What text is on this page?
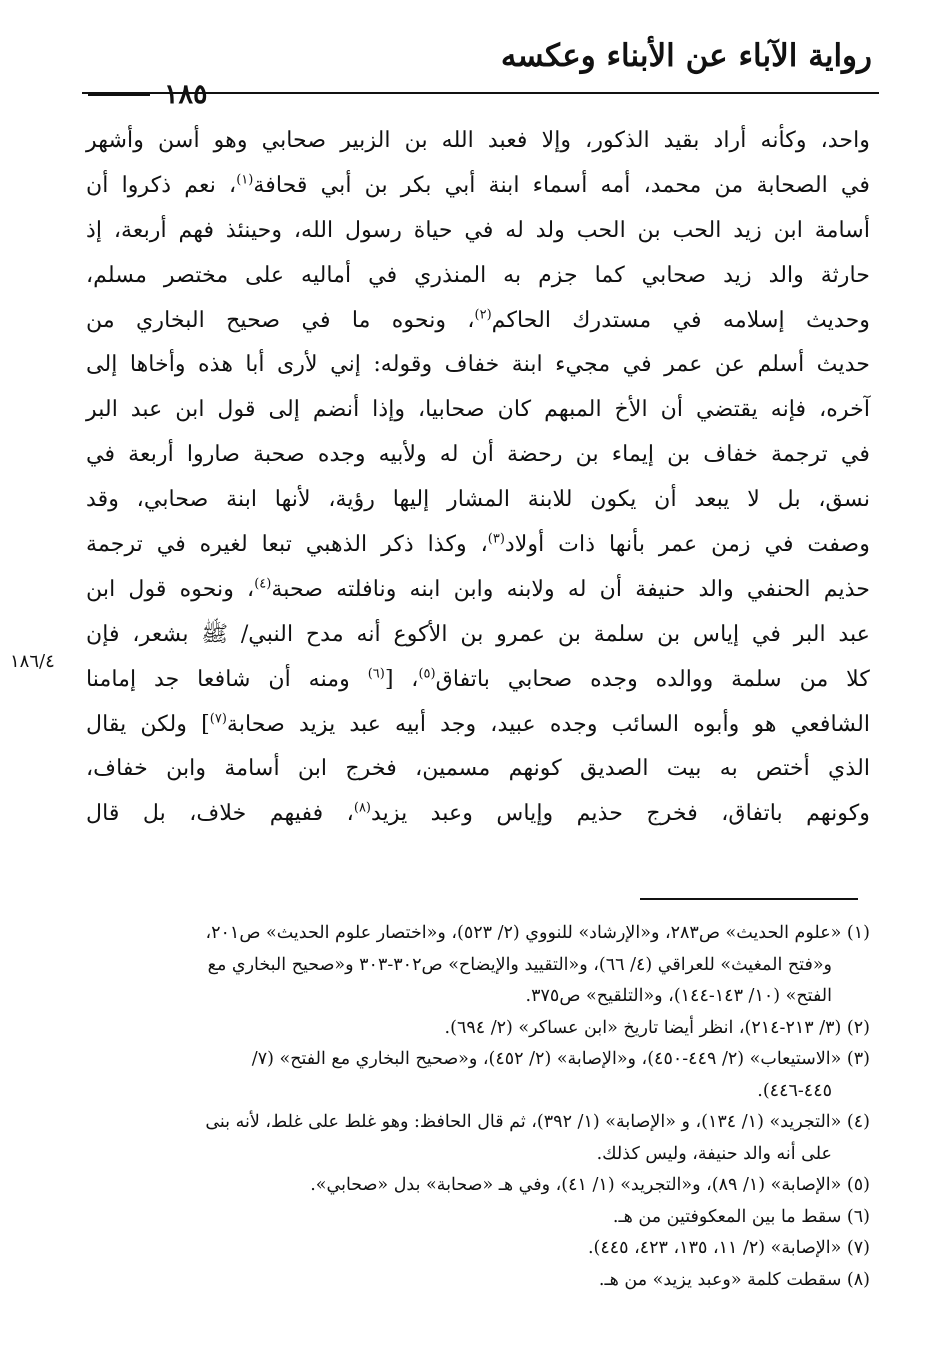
رواية الآباء عن الأبناء وعكسه
١٨٥
واحد، وكأنه أراد بقيد الذكور، وإلا فعبد الله بن الزبير صحابي وهو أسن وأشهر
في الصحابة من محمد، أمه أسماء ابنة أبي بكر بن أبي قحافة$^{(١)}$، نعم ذكروا أن
أسامة ابن زيد الحب بن الحب ولد له في حياة رسول الله، وحينئذ فهم أربعة، إذ
حارثة والد زيد صحابي كما جزم به المنذري في أماليه على مختصر مسلم،
وحديث إسلامه في مستدرك الحاكم$^{(٢)}$، ونحوه ما في صحيح البخاري من
حديث أسلم عن عمر في مجيء ابنة خفاف وقوله: إني لأرى أبا هذه وأخاها إلى
آخره، فإنه يقتضي أن الأخ المبهم كان صحابيا، وإذا أنضم إلى قول ابن عبد البر
في ترجمة خفاف بن إيماء بن رحضة أن له ولأبيه وجده صحبة صاروا أربعة في
نسق، بل لا يبعد أن يكون للابنة المشار إليها رؤية، لأنها ابنة صحابي، وقد
وصفت في زمن عمر بأنها ذات أولاد$^{(٣)}$، وكذا ذكر الذهبي تبعا لغيره في ترجمة
حذيم الحنفي والد حنيفة أن له ولابنه وابن ابنه ونافلته صحبة$^{(٤)}$، ونحوه قول ابن
عبد البر في إياس بن سلمة بن عمرو بن الأكوع أنه مدح النبي/ ﷺ بشعر، فإن
كلا من سلمة ووالده وجده صحابي باتفاق$^{(٥)}$، [$^{(٦)}$ ومنه أن شافعا جد إمامنا
الشافعي هو وأبوه السائب وجده عبيد، وجد أبيه عبد يزيد صحابة$^{(٧)}$] ولكن يقال
الذي أختص به بيت الصديق كونهم مسمين، فخرج ابن أسامة وابن خفاف،
وكونهم باتفاق، فخرج حذيم وإياس وعبد يزيد$^{(٨)}$، ففيهم خلاف، بل قال
١٨٦/٤
(١) «علوم الحديث» ص٢٨٣، و«الإرشاد» للنووي (٢/ ٥٢٣)، و«اختصار علوم الحديث» ص٢٠١،
و«فتح المغيث» للعراقي (٤/ ٦٦)، و«التقييد والإيضاح» ص٣٠٢-٣٠٣ و«صحيح البخاري مع
الفتح» (١٠/ ١٤٣-١٤٤)، و«التلقيح» ص٣٧٥.
(٢) (٣/ ٢١٣-٢١٤)، انظر أيضا تاريخ «ابن عساكر» (٢/ ٦٩٤).
(٣) «الاستيعاب» (٢/ ٤٤٩-٤٥٠)، و«الإصابة» (٢/ ٤٥٢)، و«صحيح البخاري مع الفتح» (٧/
٤٤٥-٤٤٦).
(٤) «التجريد» (١/ ١٣٤)، و «الإصابة» (١/ ٣٩٢)، ثم قال الحافظ: وهو غلط على غلط، لأنه بنى
على أنه والد حنيفة، وليس كذلك.
(٥) «الإصابة» (١/ ٨٩)، و«التجريد» (١/ ٤١)، وفي هـ «صحابة» بدل «صحابي».
(٦) سقط ما بين المعكوفتين من هـ.
(٧) «الإصابة» (٢/ ١١، ١٣٥، ٤٢٣، ٤٤٥).
(٨) سقطت كلمة «وعبد يزيد» من هـ.
